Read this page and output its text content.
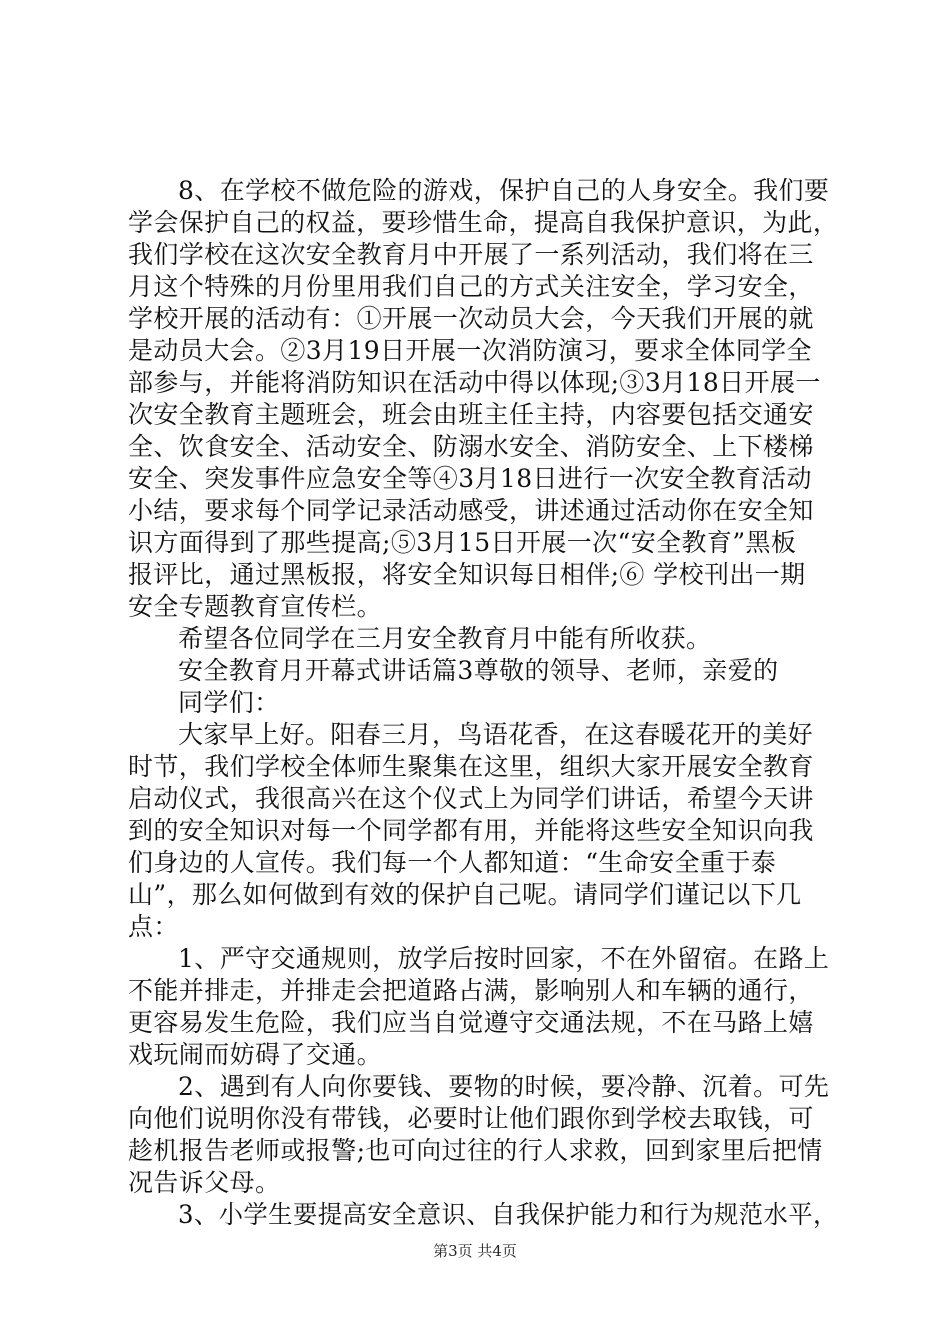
8、在学校不做危险的游戏，保护自己的人身安全。我们要
学会保护自己的权益，要珍惜生命，提高自我保护意识，为此，
我们学校在这次安全教育月中开展了一系列活动，我们将在三
月这个特殊的月份里用我们自己的方式关注安全，学习安全，
学校开展的活动有：①开展一次动员大会，今天我们开展的就
是动员大会。②3月19日开展一次消防演习，要求全体同学全
部参与，并能将消防知识在活动中得以体现;③3月18日开展一
次安全教育主题班会，班会由班主任主持，内容要包括交通安
全、饮食安全、活动安全、防溺水安全、消防安全、上下楼梯
安全、突发事件应急安全等④3月18日进行一次安全教育活动
小结，要求每个同学记录活动感受，讲述通过活动你在安全知
识方面得到了那些提高;⑤3月15日开展一次“安全教育”黑板
报评比，通过黑板报，将安全知识每日相伴;⑥ 学校刊出一期
安全专题教育宣传栏。
希望各位同学在三月安全教育月中能有所收获。
安全教育月开幕式讲话篇3尊敬的领导、老师，亲爱的
同学们：
大家早上好。阳春三月，鸟语花香，在这春暖花开的美好
时节，我们学校全体师生聚集在这里，组织大家开展安全教育
启动仪式，我很高兴在这个仪式上为同学们讲话，希望今天讲
到的安全知识对每一个同学都有用，并能将这些安全知识向我
们身边的人宣传。我们每一个人都知道：“生命安全重于泰
山”，那么如何做到有效的保护自己呢。请同学们谨记以下几
点：
1、严守交通规则，放学后按时回家，不在外留宿。在路上
不能并排走，并排走会把道路占满，影响别人和车辆的通行，
更容易发生危险，我们应当自觉遵守交通法规，不在马路上嬉
戏玩闹而妨碍了交通。
2、遇到有人向你要钱、要物的时候，要冷静、沉着。可先
向他们说明你没有带钱，必要时让他们跟你到学校去取钱，可
趁机报告老师或报警;也可向过往的行人求救，回到家里后把情
况告诉父母。
3、小学生要提高安全意识、自我保护能力和行为规范水平，
第3页 共4页
